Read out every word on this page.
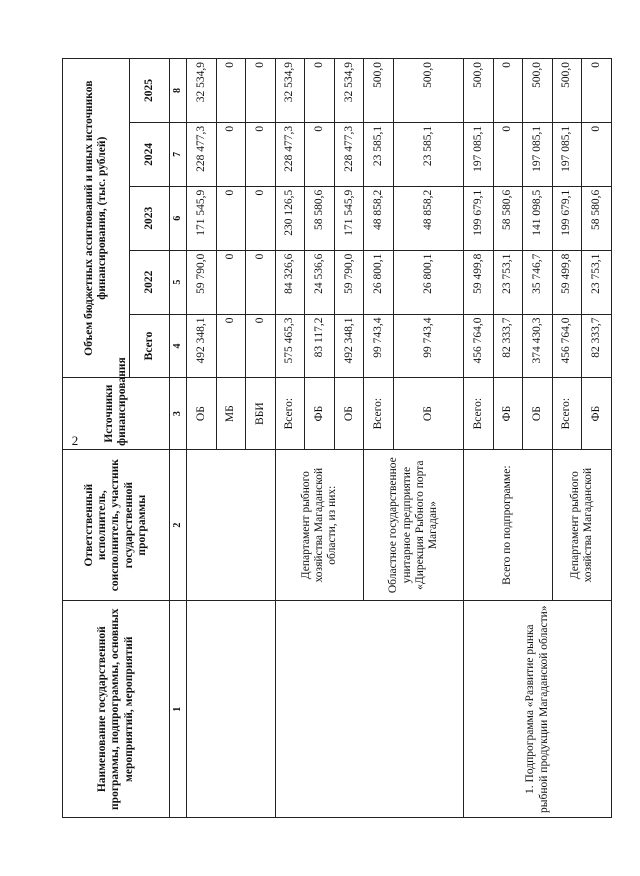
2
Наименование государственной программы, подпрограммы, основных мероприятий, мероприятий	Ответственный исполнитель, соисполнитель, участник государственной программы	Источники финансирования	Объем бюджетных ассигнований и иных источников финансирования, (тыс. рублей)				
			Всего	2022	2023	2024	2025
1	2	3	4	5	6	7	8
		ОБ	492 348,1	59 790,0	171 545,9	228 477,3	32 534,9
		МБ	0	0	0	0	0
		ВБИ	0	0	0	0	0
	Департамент рыбного хозяйства Магаданской области, из них:	Всего:	575 465,3	84 326,6	230 126,5	228 477,3	32 534,9
		ФБ	83 117,2	24 536,6	58 580,6	0	0
		ОБ	492 348,1	59 790,0	171 545,9	228 477,3	32 534,9
	Областное государственное унитарное предприятие «Дирекция Рыбного порта Магадан»	Всего:	99 743,4	26 800,1	48 858,2	23 585,1	500,0
		ОБ	99 743,4	26 800,1	48 858,2	23 585,1	500,0
1. Подпрограмма «Развитие рынка рыбной продукции Магаданской области»	Всего по подпрограмме:	Всего:	456 764,0	59 499,8	199 679,1	197 085,1	500,0
		ФБ	82 333,7	23 753,1	58 580,6	0	0
		ОБ	374 430,3	35 746,7	141 098,5	197 085,1	500,0
	Департамент рыбного хозяйства Магаданской	Всего:	456 764,0	59 499,8	199 679,1	197 085,1	500,0
		ФБ	82 333,7	23 753,1	58 580,6	0	0
